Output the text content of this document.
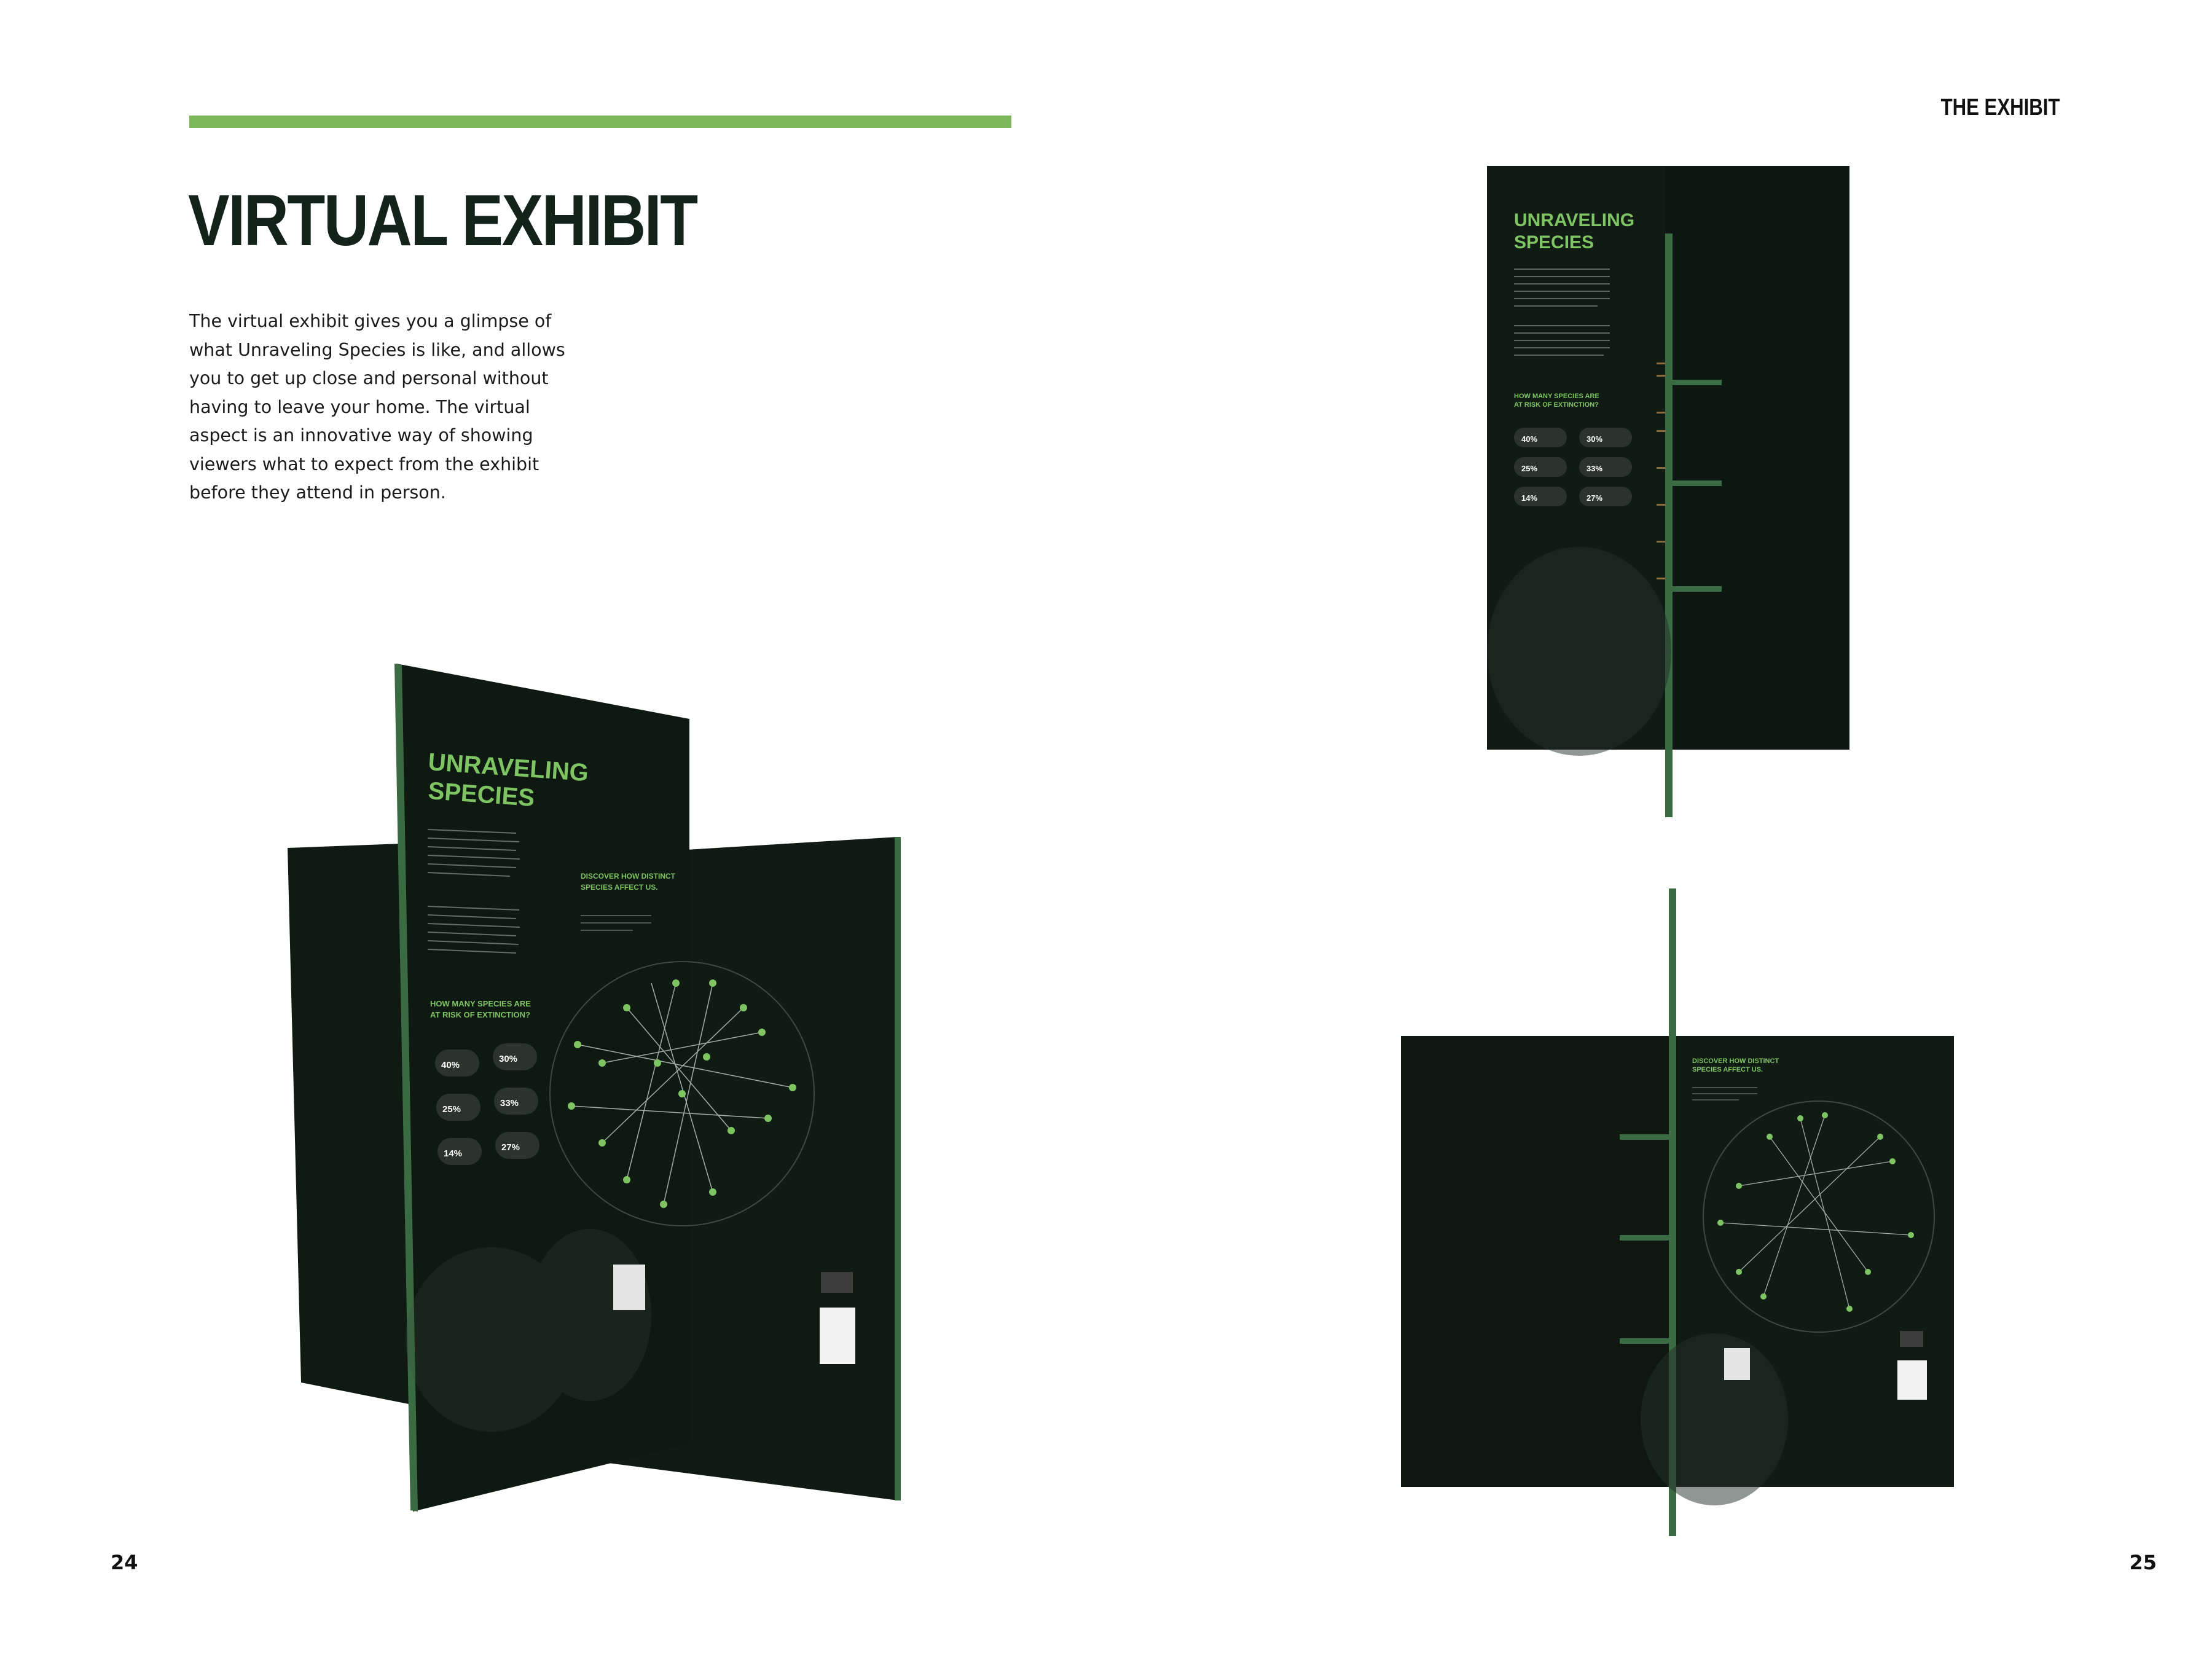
VIRTUAL EXHIBIT

The virtual exhibit gives you a glimpse of what Unraveling Species is like, and allows you to get up close and personal without having to leave your home. The virtual aspect is an innovative way of showing viewers what to expect from the exhibit before they attend in person.

UNRAVELING
SPECIES
HOW MANY SPECIES ARE
AT RISK OF EXTINCTION?
40%
30%
25%
33%
14%
27%
DISCOVER HOW DISTINCT
SPECIES AFFECT US.
THE EXHIBIT
UNRAVELING
SPECIES
HOW MANY SPECIES ARE
AT RISK OF EXTINCTION?
40%	30%
25%	33%
14%	27%
DISCOVER HOW DISTINCT
SPECIES AFFECT US.
24	25
